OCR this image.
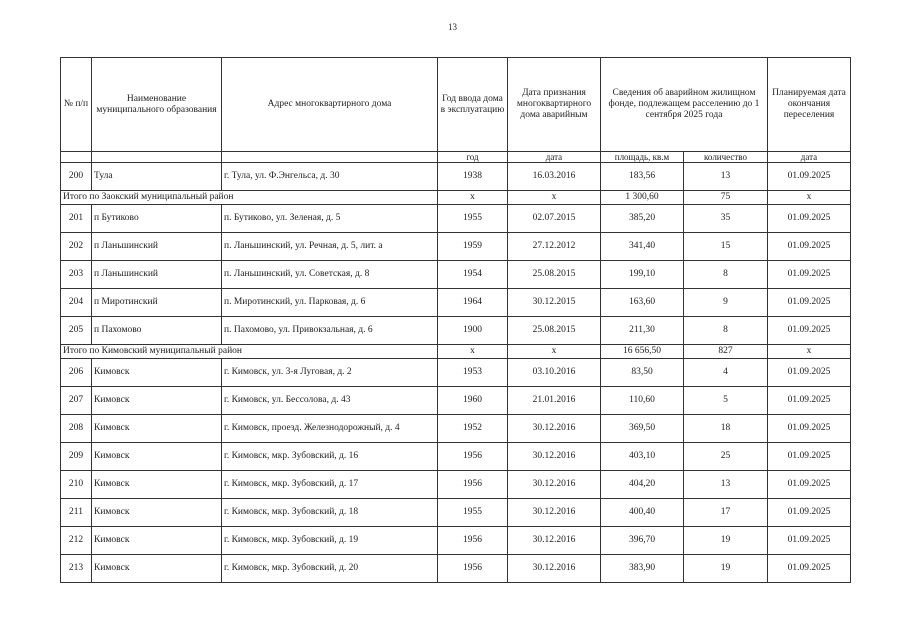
13
№ п/п	Наименование муниципального образования	Адрес многоквартирного дома	Год ввода дома в эксплуатацию	Дата признания многоквартирного дома аварийным	Сведения об аварийном жилищном фонде, подлежащем расселению до 1 сентября 2025 года		Планируемая дата окончания переселения
			год	дата	площадь, кв.м	количество	дата
200	Тула	г. Тула, ул. Ф.Энгельса, д. 30	1938	16.03.2016	183,56	13	01.09.2025
Итого по Заокский муниципальный район			x	x	1 300,60	75	x
201	п Бутиково	п. Бутиково, ул. Зеленая, д. 5	1955	02.07.2015	385,20	35	01.09.2025
202	п Ланьшинский	п. Ланьшинский, ул. Речная, д. 5, лит. а	1959	27.12.2012	341,40	15	01.09.2025
203	п Ланьшинский	п. Ланьшинский, ул. Советская, д. 8	1954	25.08.2015	199,10	8	01.09.2025
204	п Миротинский	п. Миротинский, ул. Парковая, д. 6	1964	30.12.2015	163,60	9	01.09.2025
205	п Пахомово	п. Пахомово, ул. Привокзальная, д. 6	1900	25.08.2015	211,30	8	01.09.2025
Итого по Кимовский муниципальный район			x	x	16 656,50	827	x
206	Кимовск	г. Кимовск, ул. 3-я Луговая, д. 2	1953	03.10.2016	83,50	4	01.09.2025
207	Кимовск	г. Кимовск, ул. Бессолова, д. 43	1960	21.01.2016	110,60	5	01.09.2025
208	Кимовск	г. Кимовск, проезд. Железнодорожный, д. 4	1952	30.12.2016	369,50	18	01.09.2025
209	Кимовск	г. Кимовск, мкр. Зубовский, д. 16	1956	30.12.2016	403,10	25	01.09.2025
210	Кимовск	г. Кимовск, мкр. Зубовский, д. 17	1956	30.12.2016	404,20	13	01.09.2025
211	Кимовск	г. Кимовск, мкр. Зубовский, д. 18	1955	30.12.2016	400,40	17	01.09.2025
212	Кимовск	г. Кимовск, мкр. Зубовский, д. 19	1956	30.12.2016	396,70	19	01.09.2025
213	Кимовск	г. Кимовск, мкр. Зубовский, д. 20	1956	30.12.2016	383,90	19	01.09.2025
